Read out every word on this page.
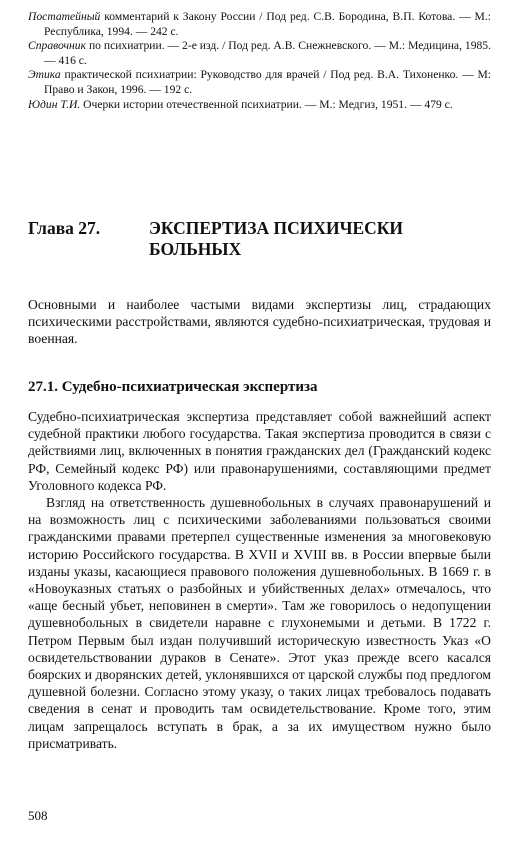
Постатейный комментарий к Закону России / Под ред. С.В. Бородина, В.П. Котова. — М.: Республика, 1994. — 242 с.

Справочник по психиатрии. — 2-е изд. / Под ред. А.В. Снежневского. — М.: Медицина, 1985. — 416 с.

Этика практической психиатрии: Руководство для врачей / Под ред. В.А. Тихоненко. — М: Право и Закон, 1996. — 192 с.

Юдин Т.И. Очерки истории отечественной психиатрии. — М.: Медгиз, 1951. — 479 с.

Глава 27.	ЭКСПЕРТИЗА ПСИХИЧЕСКИ БОЛЬНЫХ

Основными и наиболее частыми видами экспертизы лиц, страдающих психическими расстройствами, являются судебно-психиатрическая, трудовая и военная.

27.1. Судебно-психиатрическая экспертиза

Судебно-психиатрическая экспертиза представляет собой важнейший аспект судебной практики любого государства. Такая экспертиза проводится в связи с действиями лиц, включенных в понятия гражданских дел (Гражданский кодекс РФ, Семейный кодекс РФ) или правонарушениями, составляющими предмет Уголовного кодекса РФ.

Взгляд на ответственность душевнобольных в случаях правонарушений и на возможность лиц с психическими заболеваниями пользоваться своими гражданскими правами претерпел существенные изменения за многовековую историю Российского государства. В XVII и XVIII вв. в России впервые были изданы указы, касающиеся правового положения душевнобольных. В 1669 г. в «Новоуказных статьях о разбойных и убийственных делах» отмечалось, что «аще бесный убьет, неповинен в смерти». Там же говорилось о недопущении душевнобольных в свидетели наравне с глухонемыми и детьми. В 1722 г. Петром Первым был издан получивший историческую известность Указ «О освидетельствовании дураков в Сенате». Этот указ прежде всего касался боярских и дворянских детей, уклонявшихся от царской службы под предлогом душевной болезни. Согласно этому указу, о таких лицах требовалось подавать сведения в сенат и проводить там освидетельствование. Кроме того, этим лицам запрещалось вступать в брак, а за их имуществом нужно было присматривать.

508
